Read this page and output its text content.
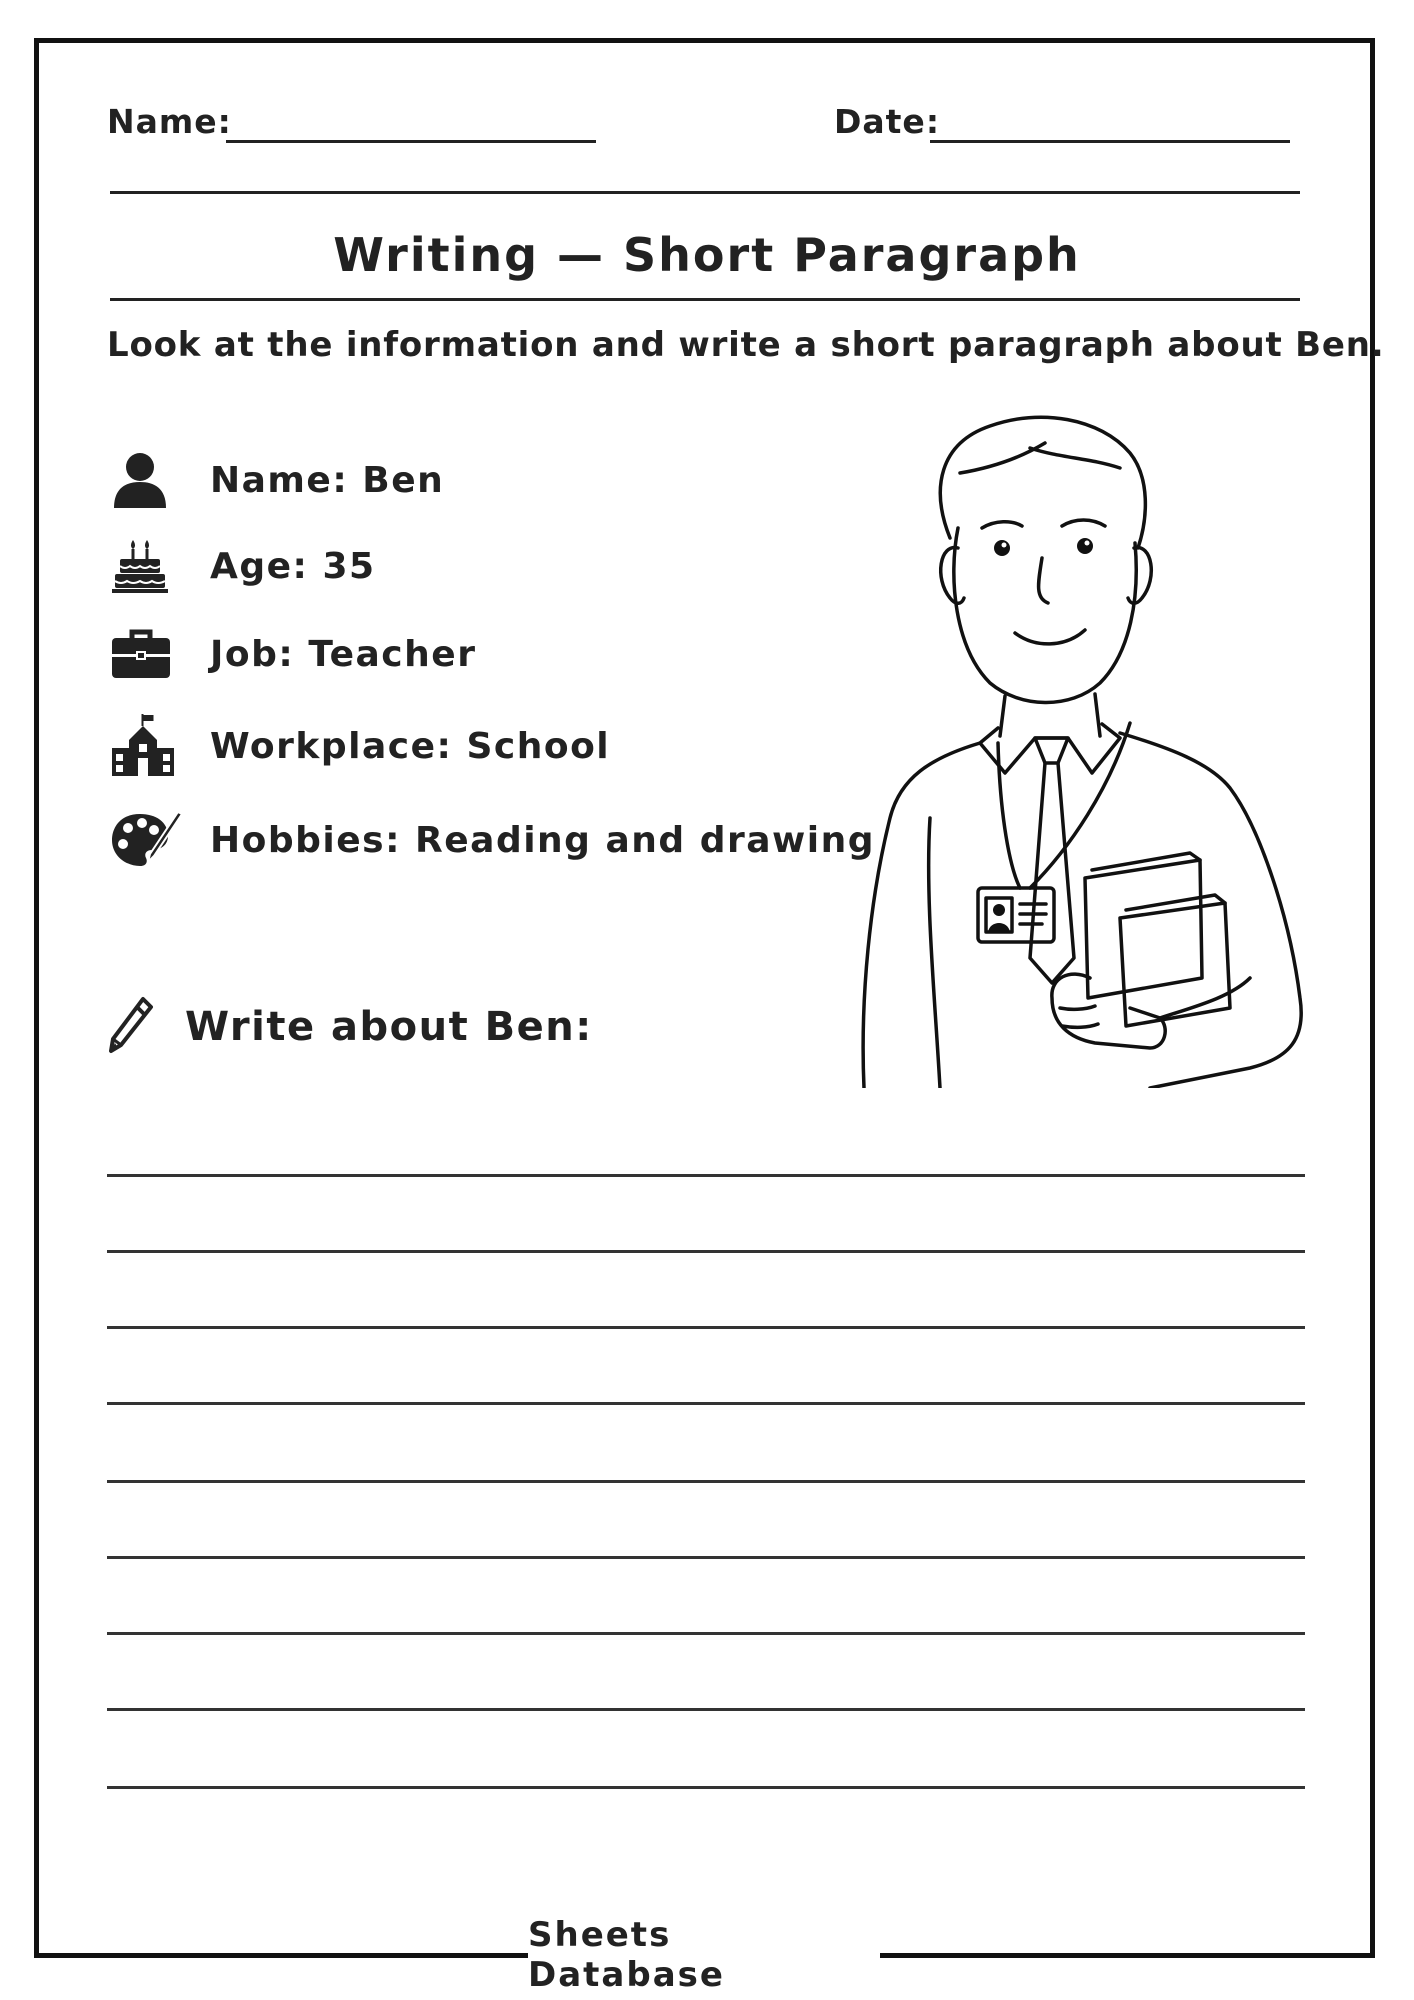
Name:	Date:
Writing — Short Paragraph
Look at the information and write a short paragraph about Ben.
Name: Ben
Age: 35
Job: Teacher
Workplace: School
Hobbies: Reading and drawing
Write about Ben:
Sheets Database
